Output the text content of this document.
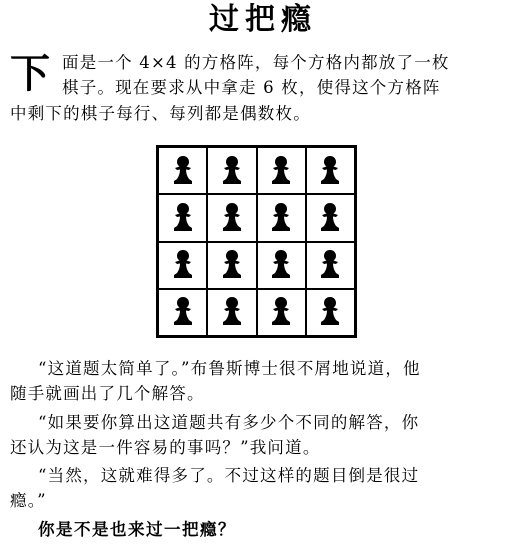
过把瘾
下 面是一个 4×4 的方格阵，每个方格内都放了一枚
棋子。现在要求从中拿走 6 枚，使得这个方格阵
中剩下的棋子每行、每列都是偶数枚。
“这道题太简单了。”布鲁斯博士很不屑地说道，他
随手就画出了几个解答。
“如果要你算出这道题共有多少个不同的解答，你
还认为这是一件容易的事吗？”我问道。
“当然，这就难得多了。不过这样的题目倒是很过
瘾。”
你是不是也来过一把瘾？
